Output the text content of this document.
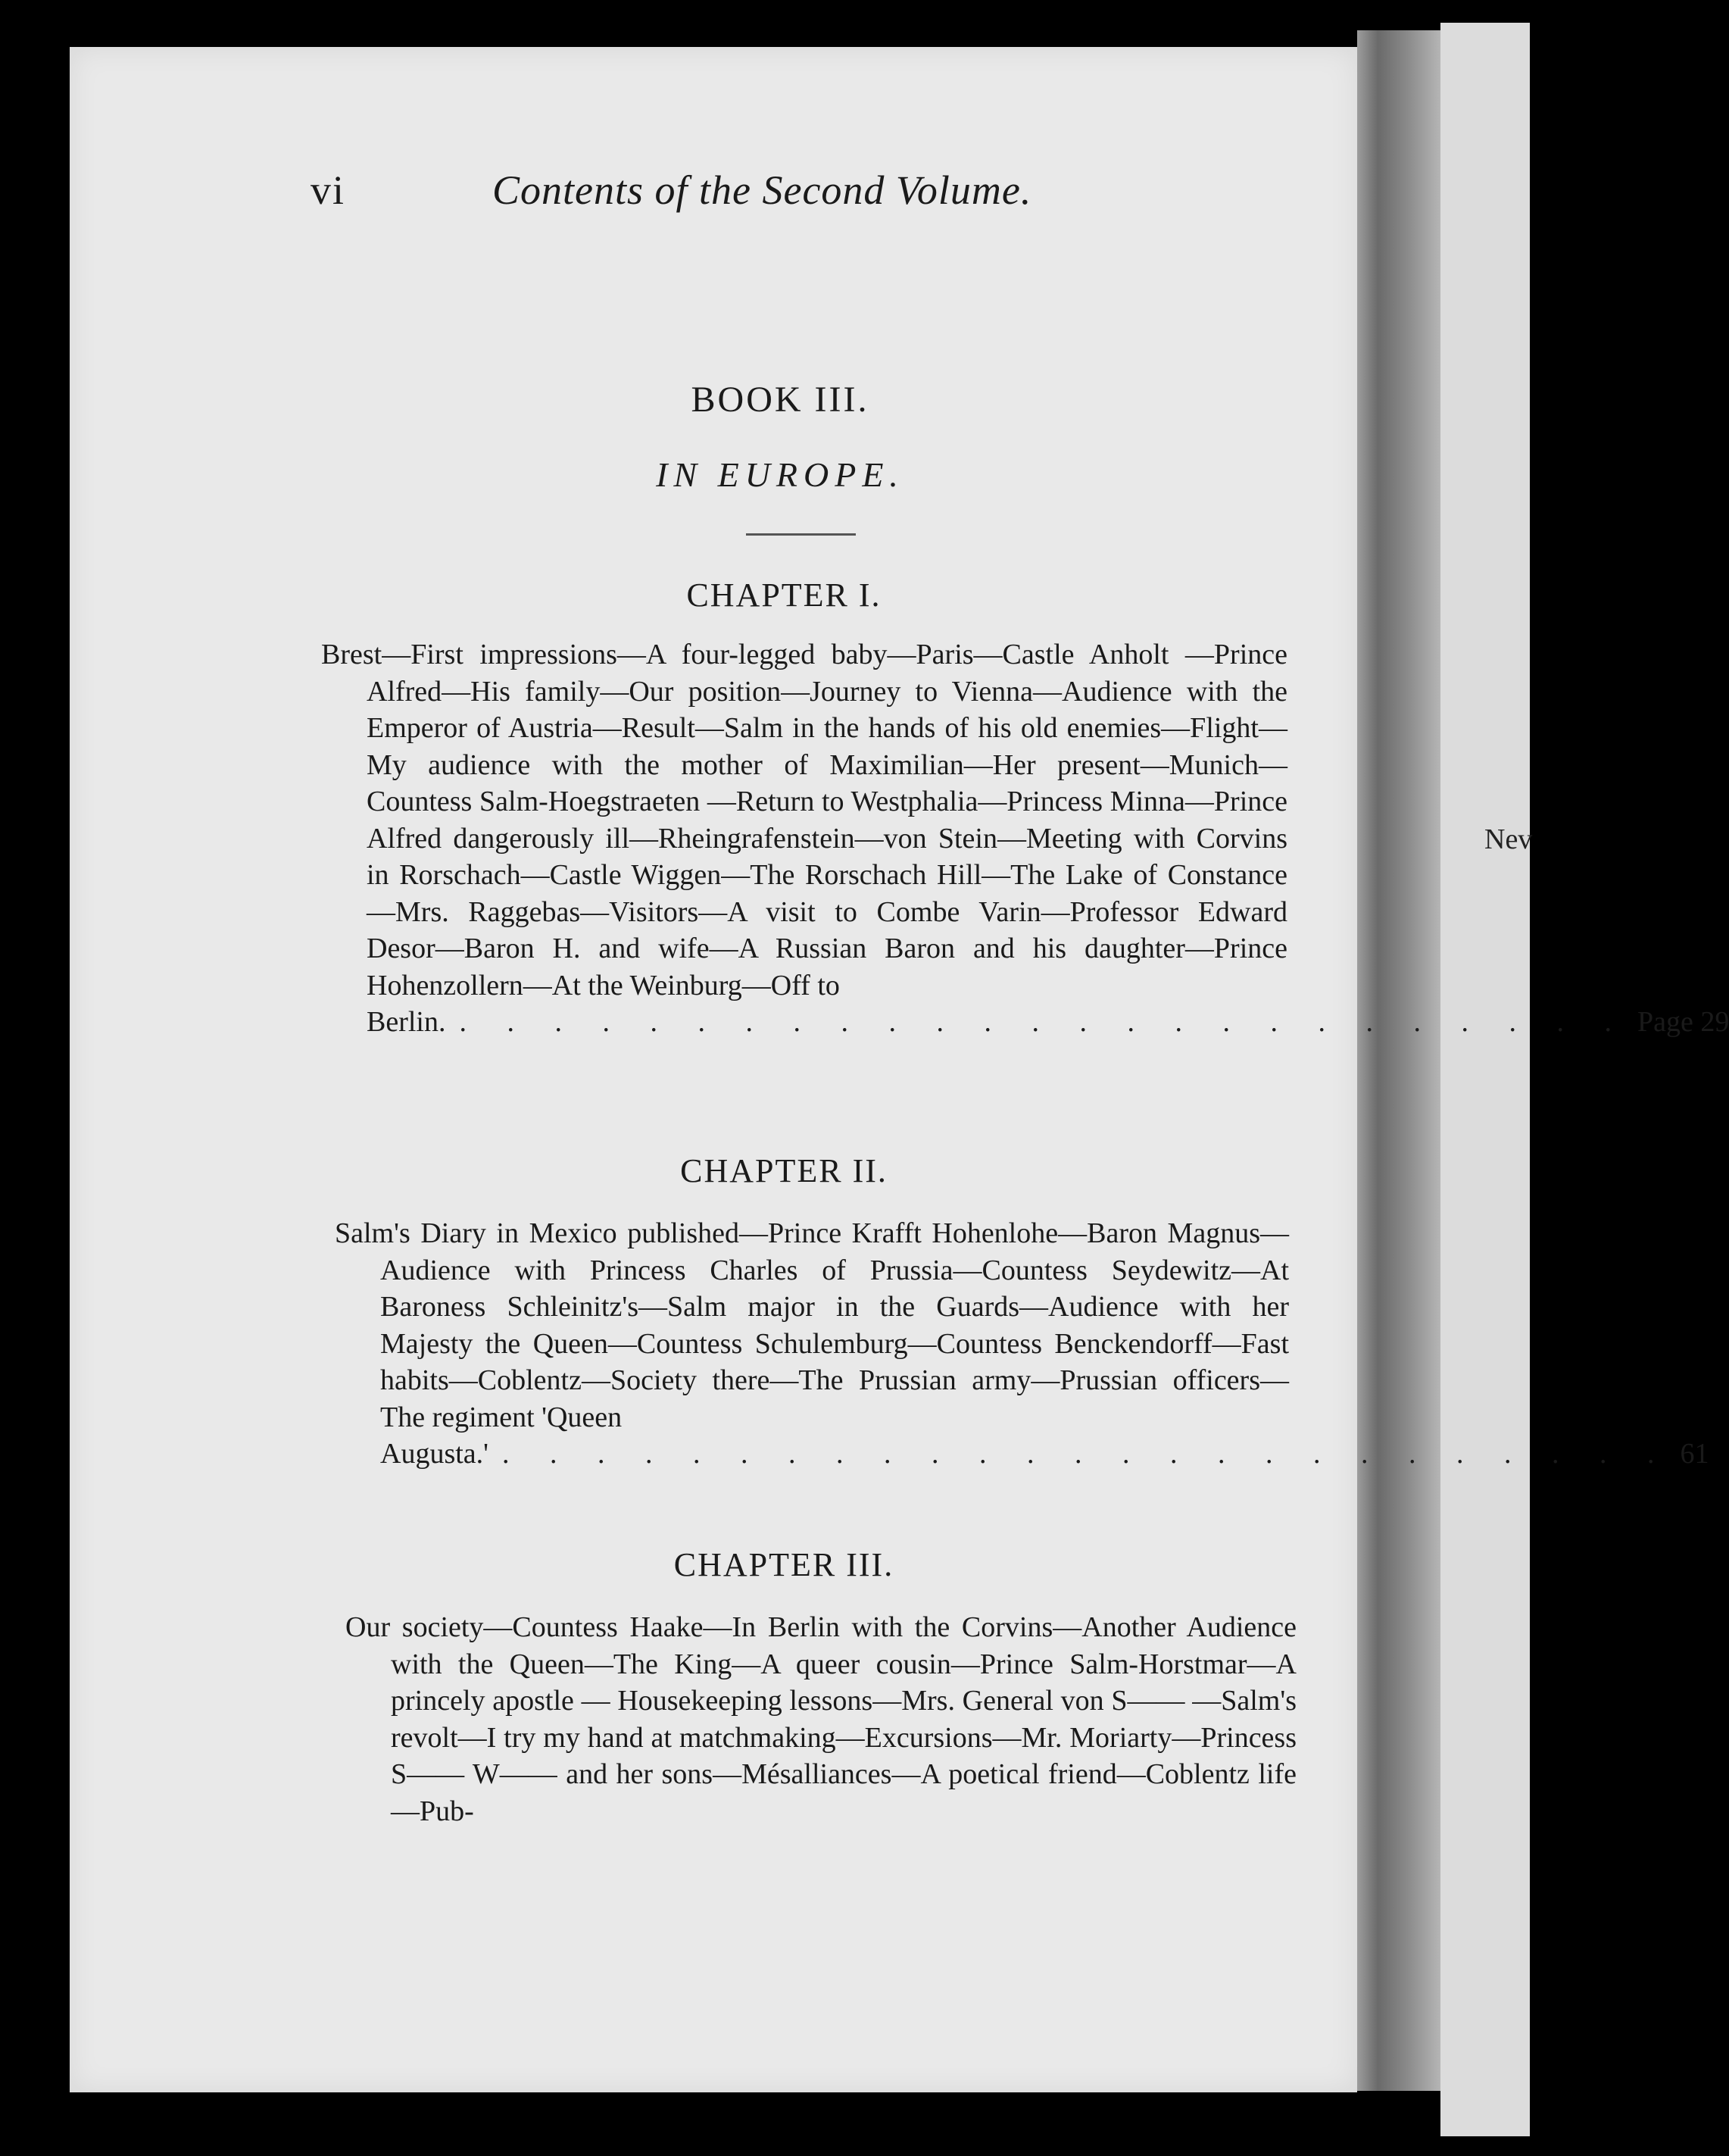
Nev
vi	Contents of the Second Volume.
BOOK III.
IN EUROPE.
CHAPTER I.
Brest—First impressions—A four-legged baby—Paris—Castle Anholt —Prince Alfred—His family—Our position—Journey to Vienna—Audience with the Emperor of Austria—Result—Salm in the hands of his old enemies—Flight—My audience with the mother of Maximilian—Her present—Munich—Countess Salm-Hoegstraeten —Return to Westphalia—Princess Minna—Prince Alfred dangerously ill—Rheingrafenstein—von Stein—Meeting with Corvins in Rorschach—Castle Wiggen—The Rorschach Hill—The Lake of Constance—Mrs. Raggebas—Visitors—A visit to Combe Varin—Professor Edward Desor—Baron H. and wife—A Russian Baron and his daughter—Prince Hohenzollern—At the Weinburg—Off to
Berlin. . . . . . . . . . . . . . . . . . . . . . . . . . Page 29
CHAPTER II.
Salm's Diary in Mexico published—Prince Krafft Hohenlohe—Baron Magnus—Audience with Princess Charles of Prussia—Countess Seydewitz—At Baroness Schleinitz's—Salm major in the Guards—Audience with her Majesty the Queen—Countess Schulemburg—Countess Benckendorff—Fast habits—Coblentz—Society there—The Prussian army—Prussian officers—The regiment 'Queen
Augusta.' . . . . . . . . . . . . . . . . . . . . . . . . . 61
CHAPTER III.
Our society—Countess Haake—In Berlin with the Corvins—Another Audience with the Queen—The King—A queer cousin—Prince Salm-Horstmar—A princely apostle — Housekeeping lessons—Mrs. General von S—— —Salm's revolt—I try my hand at matchmaking—Excursions—Mr. Moriarty—Princess S—— W—— and her sons—Mésalliances—A poetical friend—Coblentz life—Pub-
